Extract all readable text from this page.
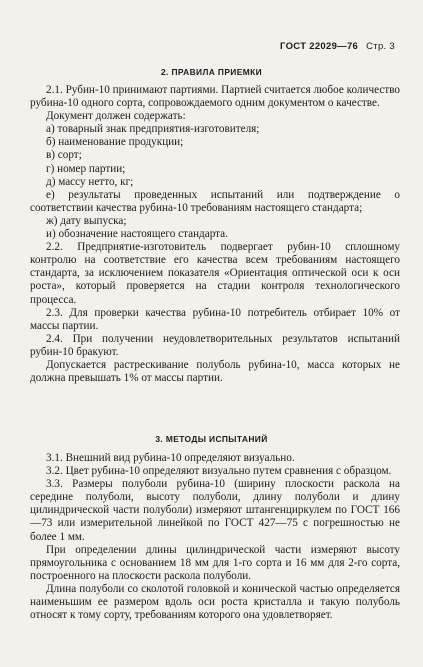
ГОСТ 22029—76 Стр. 3
2. ПРАВИЛА ПРИЕМКИ

2.1. Рубин-10 принимают партиями. Партией считается любое количество рубина-10 одного сорта, сопровождаемого одним документом о качестве.

Документ должен содержать:

а) товарный знак предприятия-изготовителя;

б) наименование продукции;

в) сорт;

г) номер партии;

д) массу нетто, кг;

е) результаты проведенных испытаний или подтверждение о соответствии качества рубина-10 требованиям настоящего стандарта;

ж) дату выпуска;

и) обозначение настоящего стандарта.

2.2. Предприятие-изготовитель подвергает рубин-10 сплошному контролю на соответствие его качества всем требованиям настоящего стандарта, за исключением показателя «Ориентация оптической оси к оси роста», который проверяется на стадии контроля технологического процесса.

2.3. Для проверки качества рубина-10 потребитель отбирает 10% от массы партии.

2.4. При получении неудовлетворительных результатов испытаний рубин-10 бракуют.

Допускается растрескивание полуболь рубина-10, масса которых не должна превышать 1% от массы партии.

3. МЕТОДЫ ИСПЫТАНИЙ

3.1. Внешний вид рубина-10 определяют визуально.

3.2. Цвет рубина-10 определяют визуально путем сравнения с образцом.

3.3. Размеры полуболи рубина-10 (ширину плоскости раскола на середине полуболи, высоту полуболи, длину полуболи и длину цилиндрической части полуболи) измеряют штангенциркулем по ГОСТ 166—73 или измерительной линейкой по ГОСТ 427—75 с погрешностью не более 1 мм.

При определении длины цилиндрической части измеряют высоту прямоугольника с основанием 18 мм для 1-го сорта и 16 мм для 2-го сорта, построенного на плоскости раскола полуболи.

Длина полуболи со сколотой головкой и конической частью определяется наименьшим ее размером вдоль оси роста кристалла и такую полуболь относят к тому сорту, требованиям которого она удовлетворяет.
